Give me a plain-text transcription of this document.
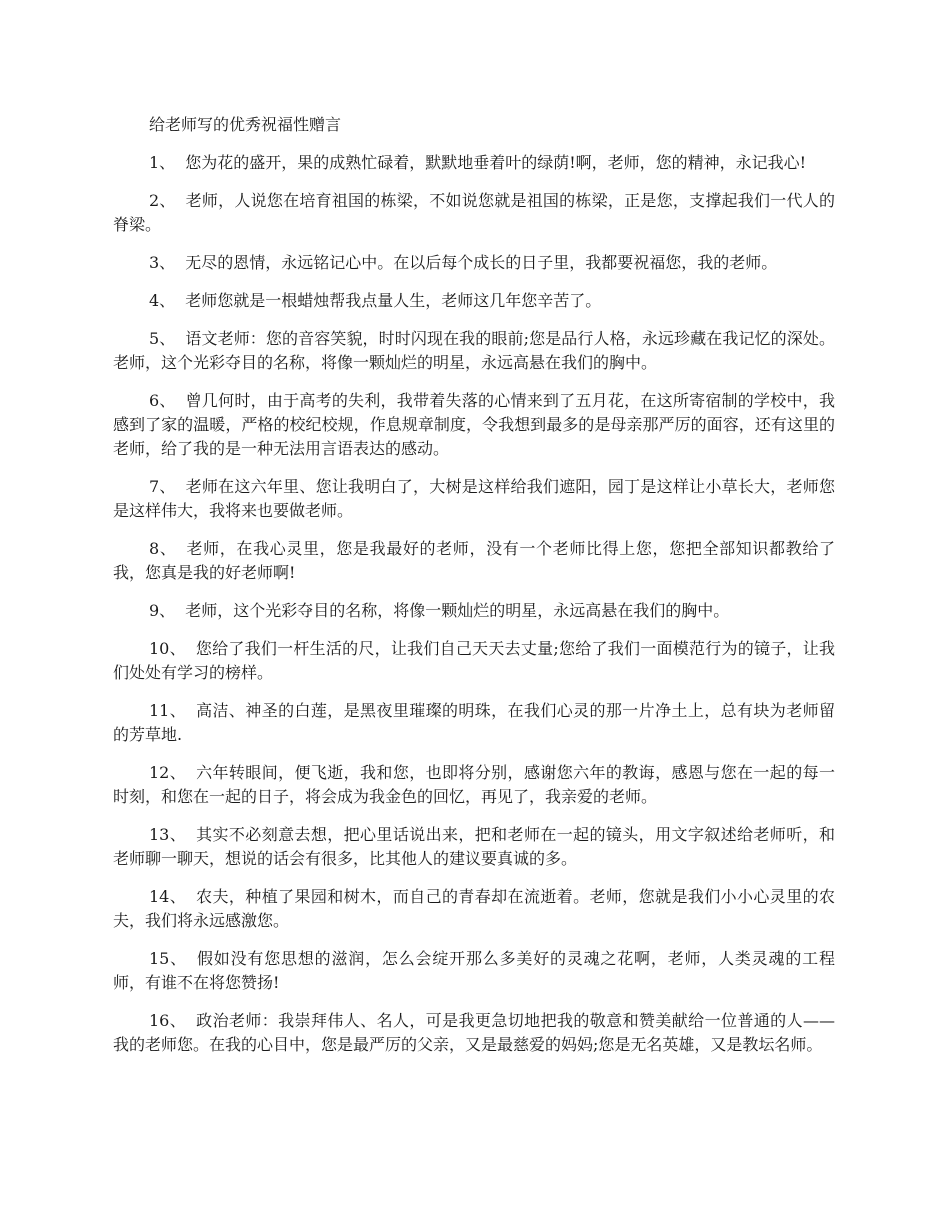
给老师写的优秀祝福性赠言

1、 您为花的盛开，果的成熟忙碌着，默默地垂着叶的绿荫!啊，老师，您的精神，永记我心!

2、 老师，人说您在培育祖国的栋梁，不如说您就是祖国的栋梁，正是您，支撑起我们一代人的脊梁。

3、 无尽的恩情，永远铭记心中。在以后每个成长的日子里，我都要祝福您，我的老师。

4、 老师您就是一根蜡烛帮我点量人生，老师这几年您辛苦了。

5、 语文老师：您的音容笑貌，时时闪现在我的眼前;您是品行人格，永远珍藏在我记忆的深处。老师，这个光彩夺目的名称，将像一颗灿烂的明星，永远高悬在我们的胸中。

6、 曾几何时，由于高考的失利，我带着失落的心情来到了五月花，在这所寄宿制的学校中，我感到了家的温暖，严格的校纪校规，作息规章制度，令我想到最多的是母亲那严厉的面容，还有这里的老师，给了我的是一种无法用言语表达的感动。

7、 老师在这六年里、您让我明白了，大树是这样给我们遮阳，园丁是这样让小草长大，老师您是这样伟大，我将来也要做老师。

8、 老师，在我心灵里，您是我最好的老师，没有一个老师比得上您，您把全部知识都教给了我，您真是我的好老师啊!

9、 老师，这个光彩夺目的名称，将像一颗灿烂的明星，永远高悬在我们的胸中。

10、 您给了我们一杆生活的尺，让我们自己天天去丈量;您给了我们一面模范行为的镜子，让我们处处有学习的榜样。

11、 高洁、神圣的白莲，是黑夜里璀璨的明珠，在我们心灵的那一片净土上，总有块为老师留的芳草地.

12、 六年转眼间，便飞逝，我和您，也即将分别，感谢您六年的教诲，感恩与您在一起的每一时刻，和您在一起的日子，将会成为我金色的回忆，再见了，我亲爱的老师。

13、 其实不必刻意去想，把心里话说出来，把和老师在一起的镜头，用文字叙述给老师听，和老师聊一聊天，想说的话会有很多，比其他人的建议要真诚的多。

14、 农夫，种植了果园和树木，而自己的青春却在流逝着。老师，您就是我们小小心灵里的农夫，我们将永远感激您。

15、 假如没有您思想的滋润，怎么会绽开那么多美好的灵魂之花啊，老师，人类灵魂的工程师，有谁不在将您赞扬!

16、 政治老师：我崇拜伟人、名人，可是我更急切地把我的敬意和赞美献给一位普通的人——我的老师您。在我的心目中，您是最严厉的父亲，又是最慈爱的妈妈;您是无名英雄，又是教坛名师。
